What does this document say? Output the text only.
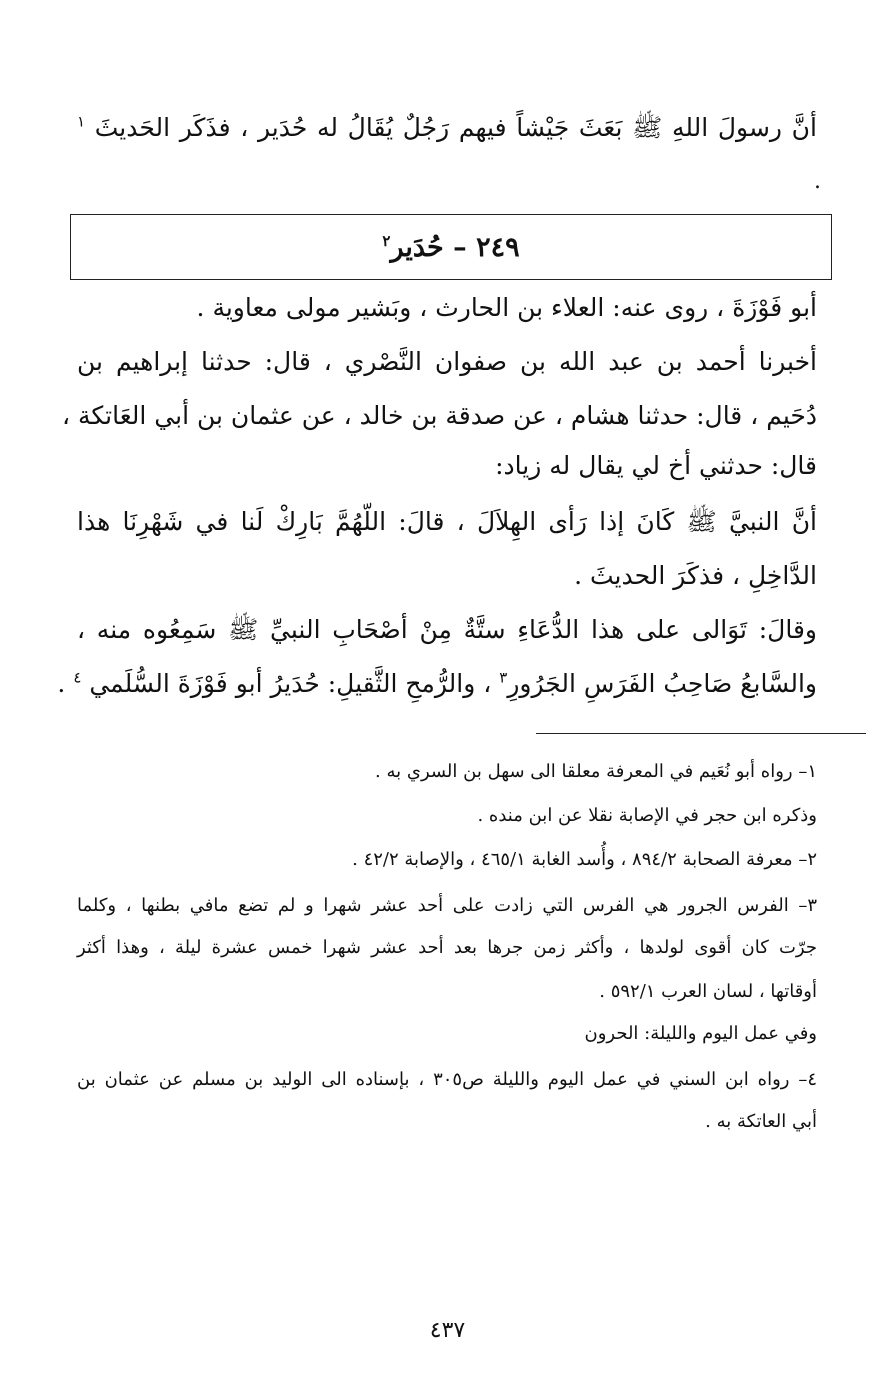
أنَّ رسولَ اللهِ ﷺ بَعَثَ جَيْشاً فيهم رَجُلٌ يُقَالُ له حُدَير ، فذَكَر الحَديثَ $^١$
.
٢٤٩ – حُدَير$^٢$
أبو فَوْزَةَ ، روى عنه: العلاء بن الحارث ، وبَشير مولى معاوية .
أخبرنا أحمد بن عبد الله بن صفوان النَّصْري ، قال: حدثنا إبراهيم بن
دُحَيم ، قال: حدثنا هشام ، عن صدقة بن خالد ، عن عثمان بن أبي العَاتكة ،
قال: حدثني أخ لي يقال له زياد:
أنَّ النبيَّ ﷺ كَانَ إذا رَأى الهِلاَلَ ، قالَ: اللّهُمَّ بَارِكْ لَنا في شَهْرِنَا هذا
الدَّاخِلِ ، فذكَرَ الحديثَ .
وقالَ: تَوَالى على هذا الدُّعَاءِ ستَّةٌ مِنْ أصْحَابِ النبيِّ ﷺ سَمِعُوه منه ،
والسَّابعُ صَاحِبُ الفَرَسِ الجَرُورِ$^٣$ ، والرُّمحِ الثَّقيلِ: حُدَيرُ أبو فَوْزَةَ السُّلَمي $^٤$ .
١– رواه أبو نُعَيم في المعرفة معلقا الى سهل بن السري به .
وذكره ابن حجر في الإصابة نقلا عن ابن منده .
٢– معرفة الصحابة ٨٩٤/٢ ، وأُسد الغابة ٤٦٥/١ ، والإصابة ٤٢/٢ .
٣– الفرس الجرور هي الفرس التي زادت على أحد عشر شهرا و لم تضع مافي بطنها ، وكلما
جرّت كان أقوى لولدها ، وأكثر زمن جرها بعد أحد عشر شهرا خمس عشرة ليلة ، وهذا أكثر
أوقاتها ، لسان العرب ٥٩٢/١ .
وفي عمل اليوم والليلة: الحرون
٤– رواه ابن السني في عمل اليوم والليلة ص٣٠٥ ، بإسناده الى الوليد بن مسلم عن عثمان بن
أبي العاتكة به .
٤٣٧
